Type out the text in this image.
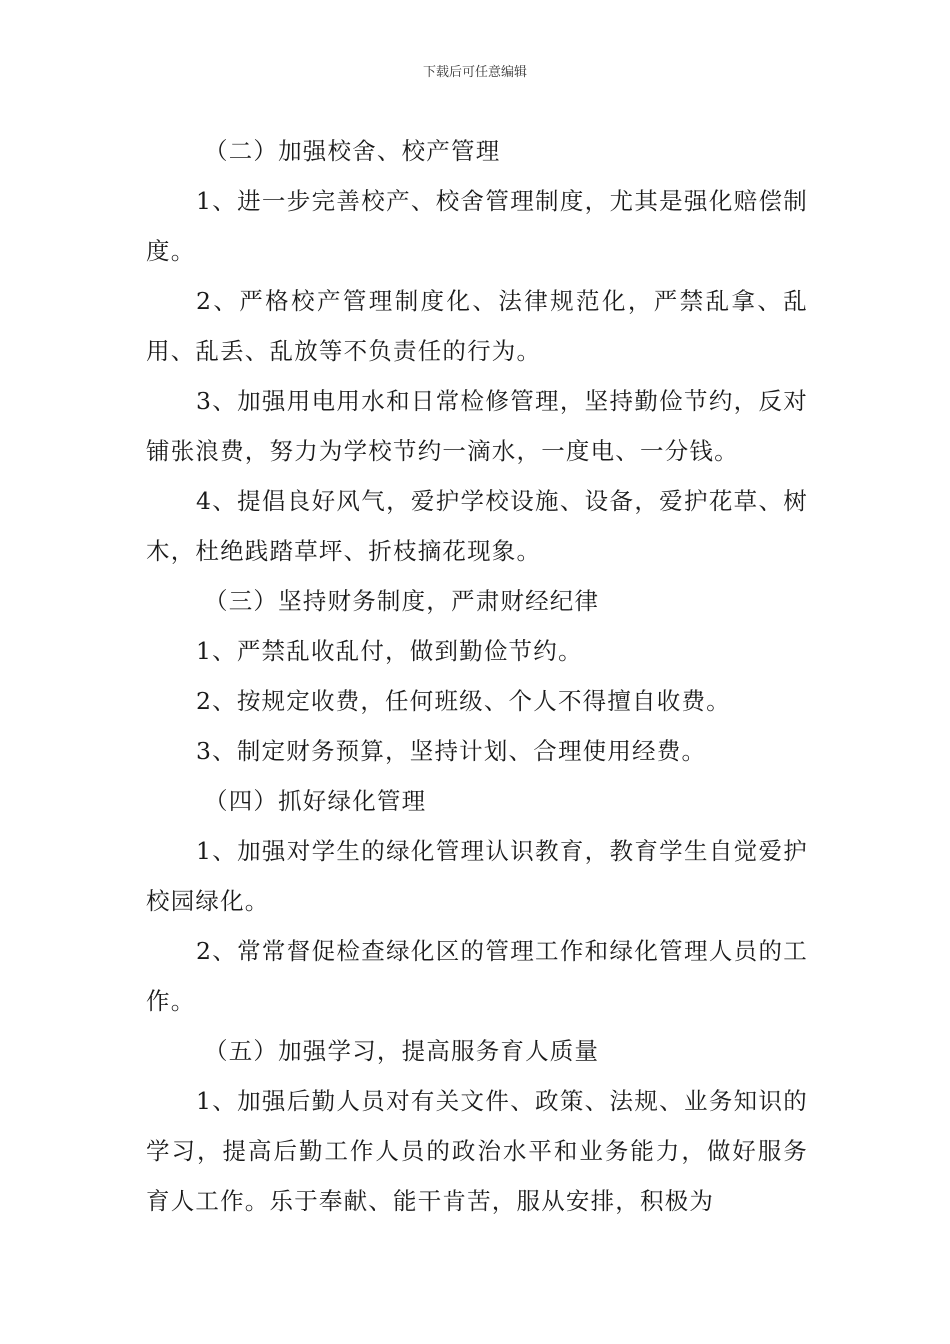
下载后可任意编辑

（二）加强校舍、校产管理

1、进一步完善校产、校舍管理制度，尤其是强化赔偿制度。

2、严格校产管理制度化、法律规范化，严禁乱拿、乱用、乱丢、乱放等不负责任的行为。

3、加强用电用水和日常检修管理，坚持勤俭节约，反对铺张浪费，努力为学校节约一滴水，一度电、一分钱。

4、提倡良好风气，爱护学校设施、设备，爱护花草、树木，杜绝践踏草坪、折枝摘花现象。

（三）坚持财务制度，严肃财经纪律

1、严禁乱收乱付，做到勤俭节约。

2、按规定收费，任何班级、个人不得擅自收费。

3、制定财务预算，坚持计划、合理使用经费。

（四）抓好绿化管理

1、加强对学生的绿化管理认识教育，教育学生自觉爱护校园绿化。

2、常常督促检查绿化区的管理工作和绿化管理人员的工作。

（五）加强学习，提高服务育人质量

1、加强后勤人员对有关文件、政策、法规、业务知识的学习，提高后勤工作人员的政治水平和业务能力，做好服务育人工作。乐于奉献、能干肯苦，服从安排，积极为
